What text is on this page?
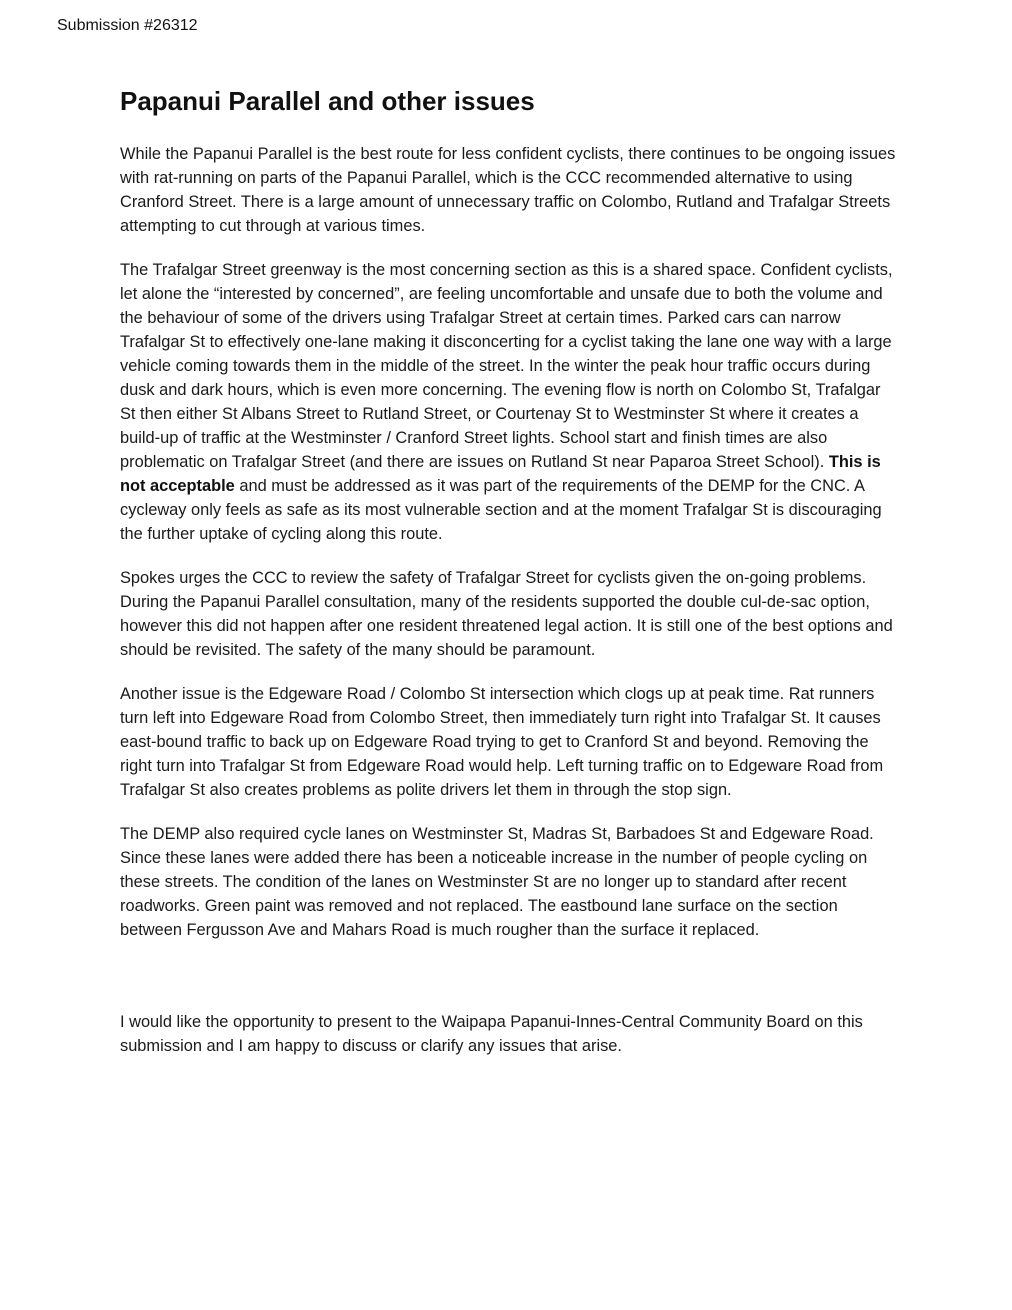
Submission #26312
Papanui Parallel and other issues

While the Papanui Parallel is the best route for less confident cyclists, there continues to be ongoing issues with rat-running on parts of the Papanui Parallel, which is the CCC recommended alternative to using Cranford Street. There is a large amount of unnecessary traffic on Colombo, Rutland and Trafalgar Streets attempting to cut through at various times.

The Trafalgar Street greenway is the most concerning section as this is a shared space. Confident cyclists, let alone the “interested by concerned”, are feeling uncomfortable and unsafe due to both the volume and the behaviour of some of the drivers using Trafalgar Street at certain times. Parked cars can narrow Trafalgar St to effectively one-lane making it disconcerting for a cyclist taking the lane one way with a large vehicle coming towards them in the middle of the street. In the winter the peak hour traffic occurs during dusk and dark hours, which is even more concerning. The evening flow is north on Colombo St, Trafalgar St then either St Albans Street to Rutland Street, or Courtenay St to Westminster St where it creates a build-up of traffic at the Westminster / Cranford Street lights. School start and finish times are also problematic on Trafalgar Street (and there are issues on Rutland St near Paparoa Street School). This is not acceptable and must be addressed as it was part of the requirements of the DEMP for the CNC. A cycleway only feels as safe as its most vulnerable section and at the moment Trafalgar St is discouraging the further uptake of cycling along this route.

Spokes urges the CCC to review the safety of Trafalgar Street for cyclists given the on-going problems. During the Papanui Parallel consultation, many of the residents supported the double cul-de-sac option, however this did not happen after one resident threatened legal action. It is still one of the best options and should be revisited. The safety of the many should be paramount.

Another issue is the Edgeware Road / Colombo St intersection which clogs up at peak time. Rat runners turn left into Edgeware Road from Colombo Street, then immediately turn right into Trafalgar St. It causes east-bound traffic to back up on Edgeware Road trying to get to Cranford St and beyond. Removing the right turn into Trafalgar St from Edgeware Road would help. Left turning traffic on to Edgeware Road from Trafalgar St also creates problems as polite drivers let them in through the stop sign.

The DEMP also required cycle lanes on Westminster St, Madras St, Barbadoes St and Edgeware Road. Since these lanes were added there has been a noticeable increase in the number of people cycling on these streets. The condition of the lanes on Westminster St are no longer up to standard after recent roadworks. Green paint was removed and not replaced. The eastbound lane surface on the section between Fergusson Ave and Mahars Road is much rougher than the surface it replaced.

I would like the opportunity to present to the Waipapa Papanui-Innes-Central Community Board on this submission and I am happy to discuss or clarify any issues that arise.
